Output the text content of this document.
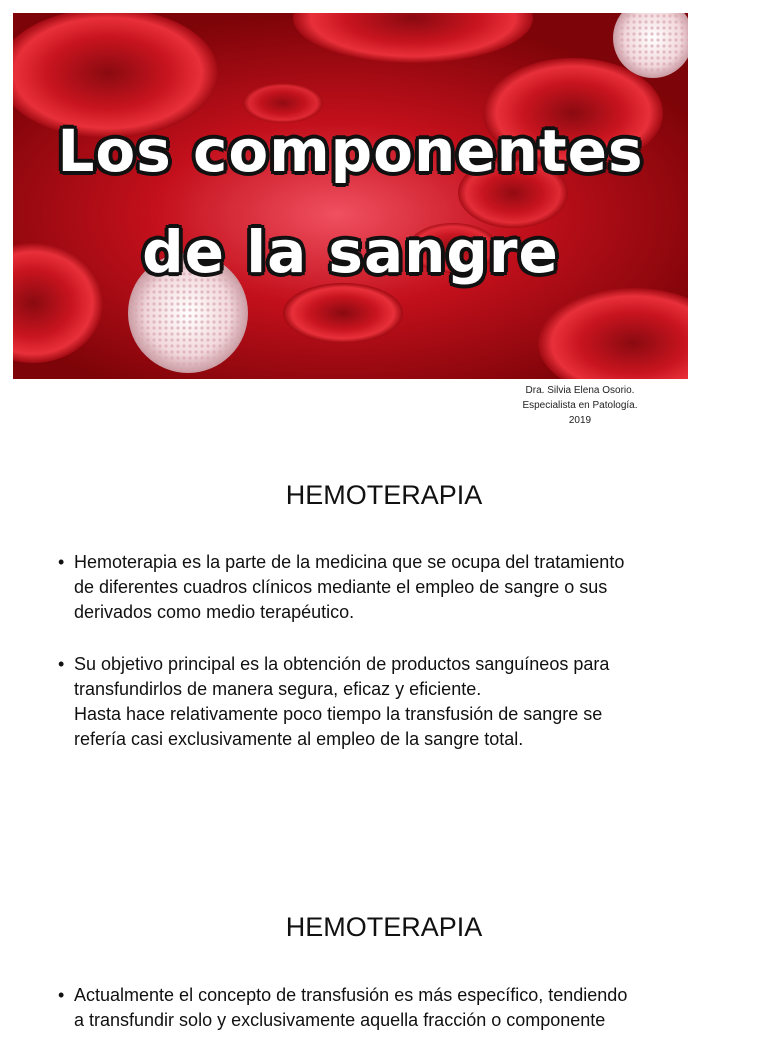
Los componentes
de la sangre
Dra. Silvia Elena Osorio.
Especialista en Patología.
2019
HEMOTERAPIA
• Hemoterapia es la parte de la medicina que se ocupa del tratamiento
de diferentes cuadros clínicos mediante el empleo de sangre o sus
derivados como medio terapéutico.
• Su objetivo principal es la obtención de productos sanguíneos para
transfundirlos de manera segura, eficaz y eficiente.
Hasta hace relativamente poco tiempo la transfusión de sangre se
refería casi exclusivamente al empleo de la sangre total.
HEMOTERAPIA
• Actualmente el concepto de transfusión es más específico, tendiendo
a transfundir solo y exclusivamente aquella fracción o componente
